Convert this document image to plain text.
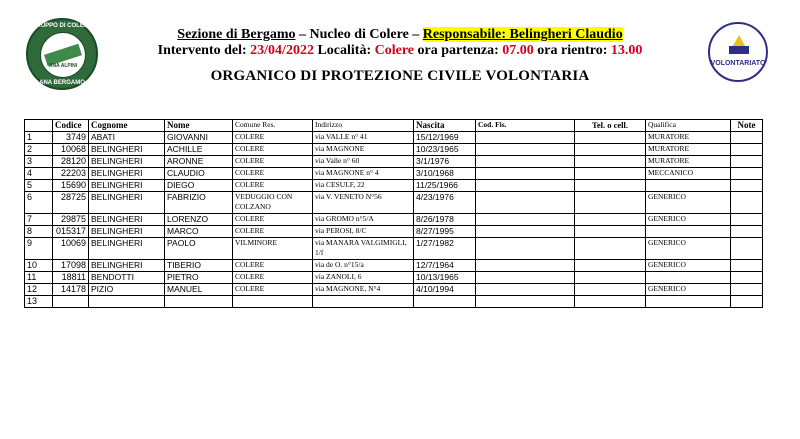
GRUPPO DI COLERE
ANA ALPINI
ANA BERGAMO
VOLONTARIATO
Sezione di Bergamo – Nucleo di Colere – Responsabile: Belingheri Claudio
Intervento del: 23/04/2022 Località: Colere ora partenza: 07.00 ora rientro: 13.00
ORGANICO DI PROTEZIONE CIVILE VOLONTARIA
	Codice	Cognome	Nome	Comune Res.	Indirizzo	Nascita	Cod. Fis.	Tel. o cell.	Qualifica	Note
1	3749	ABATI	GIOVANNI	COLERE	via VALLE n° 41	15/12/1969			MURATORE	
2	10068	BELINGHERI	ACHILLE	COLERE	via MAGNONE	10/23/1965			MURATORE	
3	28120	BELINGHERI	ARONNE	COLERE	via Valle n° 60	3/1/1976			MURATORE	
4	22203	BELINGHERI	CLAUDIO	COLERE	via MAGNONE n° 4	3/10/1968			MECCANICO	
5	15690	BELINGHERI	DIEGO	COLERE	via CESULF, 22	11/25/1966				
6	28725	BELINGHERI	FABRIZIO	VEDUGGIO CON COLZANO	via V. VENETO N°56	4/23/1976			GENERICO	
7	29875	BELINGHERI	LORENZO	COLERE	via GROMO n°5/A	8/26/1978			GENERICO	
8	015317	BELINGHERI	MARCO	COLERE	via PEROSI, 8/C	8/27/1995				
9	10069	BELINGHERI	PAOLO	VILMINORE	via MANARA VALGIMIGLI, 1/f	1/27/1982			GENERICO	
10	17098	BELINGHERI	TIBERIO	COLERE	via de O. n°15/a	12/7/1964			GENERICO	
11	18811	BENDOTTI	PIETRO	COLERE	via ZANOLI, 6	10/13/1965				
12	14178	PIZIO	MANUEL	COLERE	via MAGNONE, N°4	4/10/1994			GENERICO	
13										
